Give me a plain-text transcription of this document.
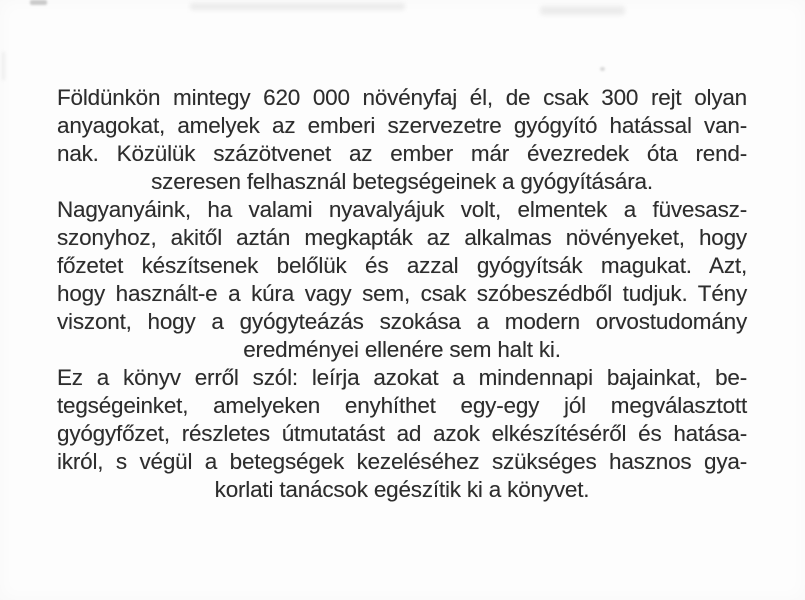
Földünkön mintegy 620 000 növényfaj él, de csak 300 rejt olyan
anyagokat, amelyek az emberi szervezetre gyógyító hatással van-
nak. Közülük százötvenet az ember már évezredek óta rend-
szeresen felhasznál betegségeinek a gyógyítására.
Nagyanyáink, ha valami nyavalyájuk volt, elmentek a füvesasz-
szonyhoz, akitől aztán megkapták az alkalmas növényeket, hogy
főzetet készítsenek belőlük és azzal gyógyítsák magukat. Azt,
hogy használt-e a kúra vagy sem, csak szóbeszédből tudjuk. Tény
viszont, hogy a gyógyteázás szokása a modern orvostudomány
eredményei ellenére sem halt ki.
Ez a könyv erről szól: leírja azokat a mindennapi bajainkat, be-
tegségeinket, amelyeken enyhíthet egy-egy jól megválasztott
gyógyfőzet, részletes útmutatást ad azok elkészítéséről és hatása-
ikról, s végül a betegségek kezeléséhez szükséges hasznos gya-
korlati tanácsok egészítik ki a könyvet.
